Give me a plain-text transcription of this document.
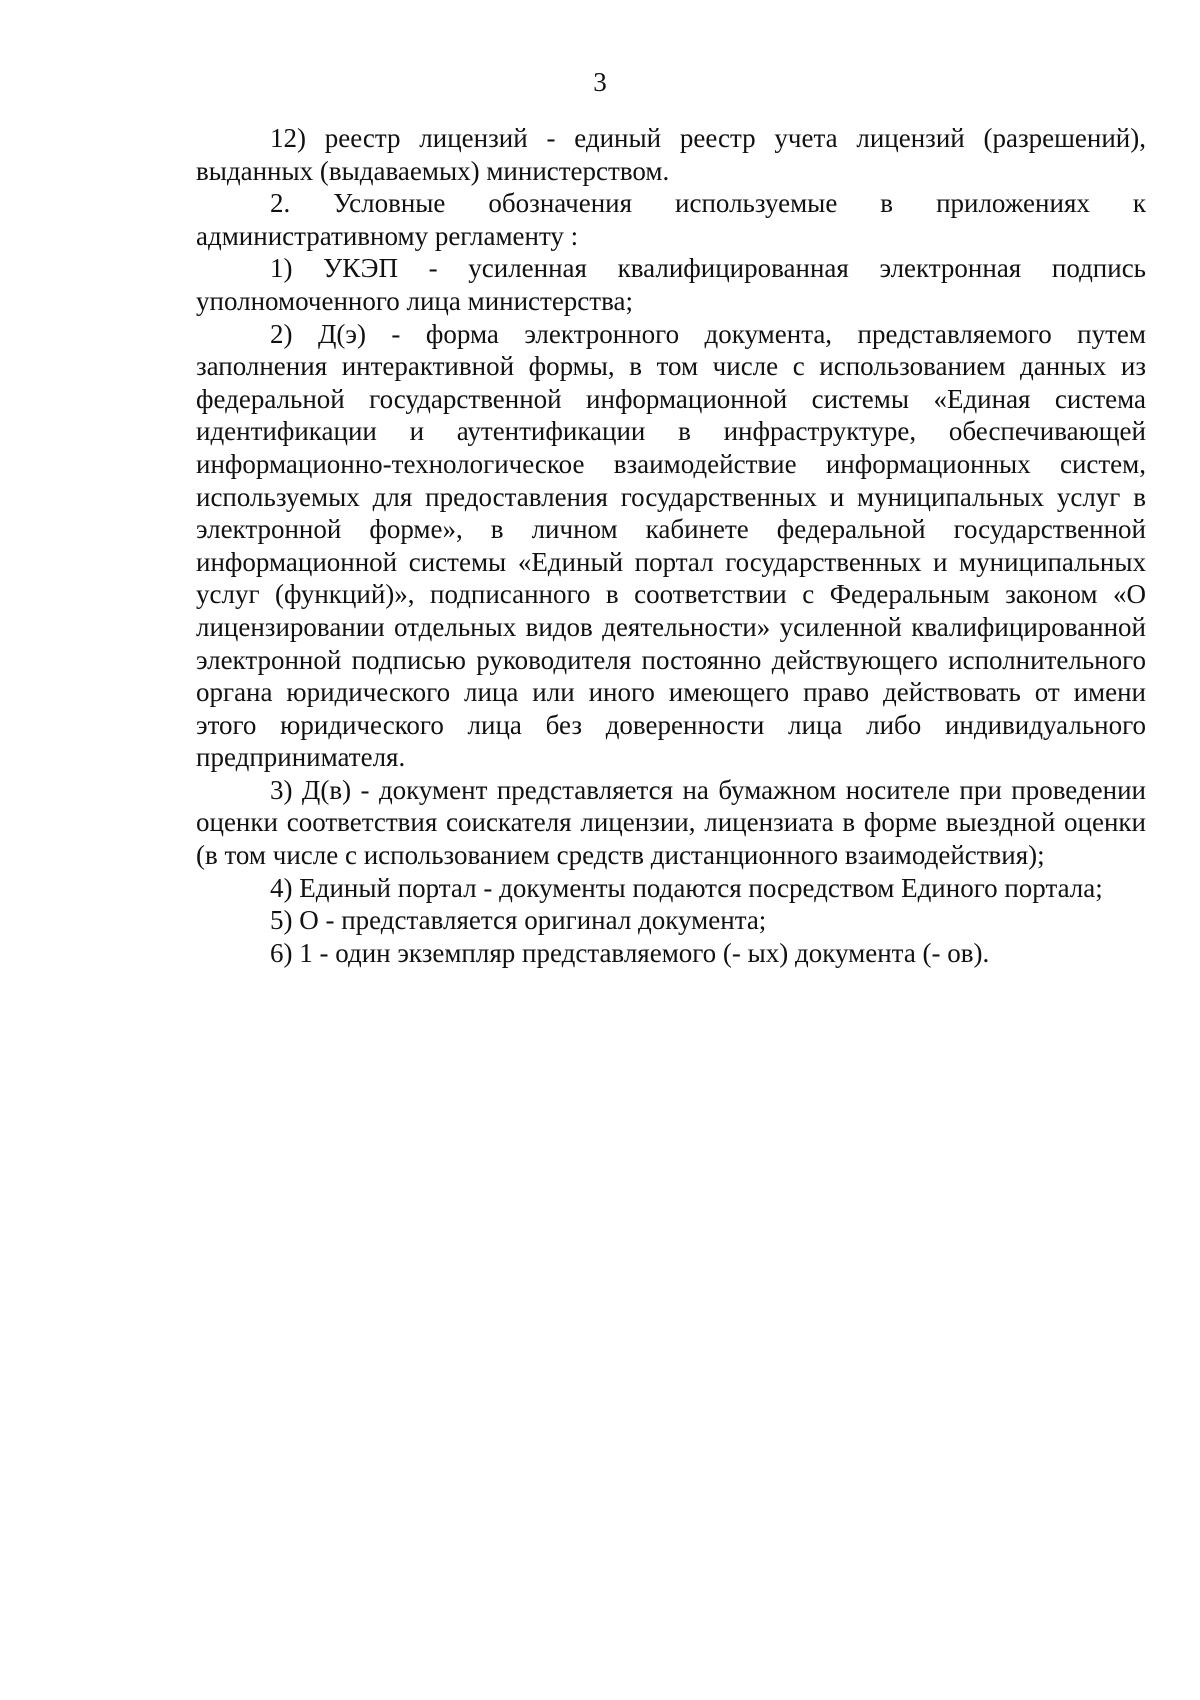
3

12) реестр лицензий - единый реестр учета лицензий (разрешений), выданных (выдаваемых) министерством.

2. Условные обозначения используемые в приложениях к административному регламенту :

1) УКЭП - усиленная квалифицированная электронная подпись уполномоченного лица министерства;

2) Д(э) - форма электронного документа, представляемого путем заполнения интерактивной формы, в том числе с использованием данных из федеральной государственной информационной системы «Единая система идентификации и аутентификации в инфраструктуре, обеспечивающей информационно-технологическое взаимодействие информационных систем, используемых для предоставления государственных и муниципальных услуг в электронной форме», в личном кабинете федеральной государственной информационной системы «Единый портал государственных и муниципальных услуг (функций)», подписанного в соответствии с Федеральным законом «О лицензировании отдельных видов деятельности» усиленной квалифицированной электронной подписью руководителя постоянно действующего исполнительного органа юридического лица или иного имеющего право действовать от имени этого юридического лица без доверенности лица либо индивидуального предпринимателя.

3) Д(в) - документ представляется на бумажном носителе при проведении оценки соответствия соискателя лицензии, лицензиата в форме выездной оценки (в том числе с использованием средств дистанционного взаимодействия);

4) Единый портал - документы подаются посредством Единого портала;

5) О - представляется оригинал документа;

6) 1 - один экземпляр представляемого (- ых) документа (- ов).
